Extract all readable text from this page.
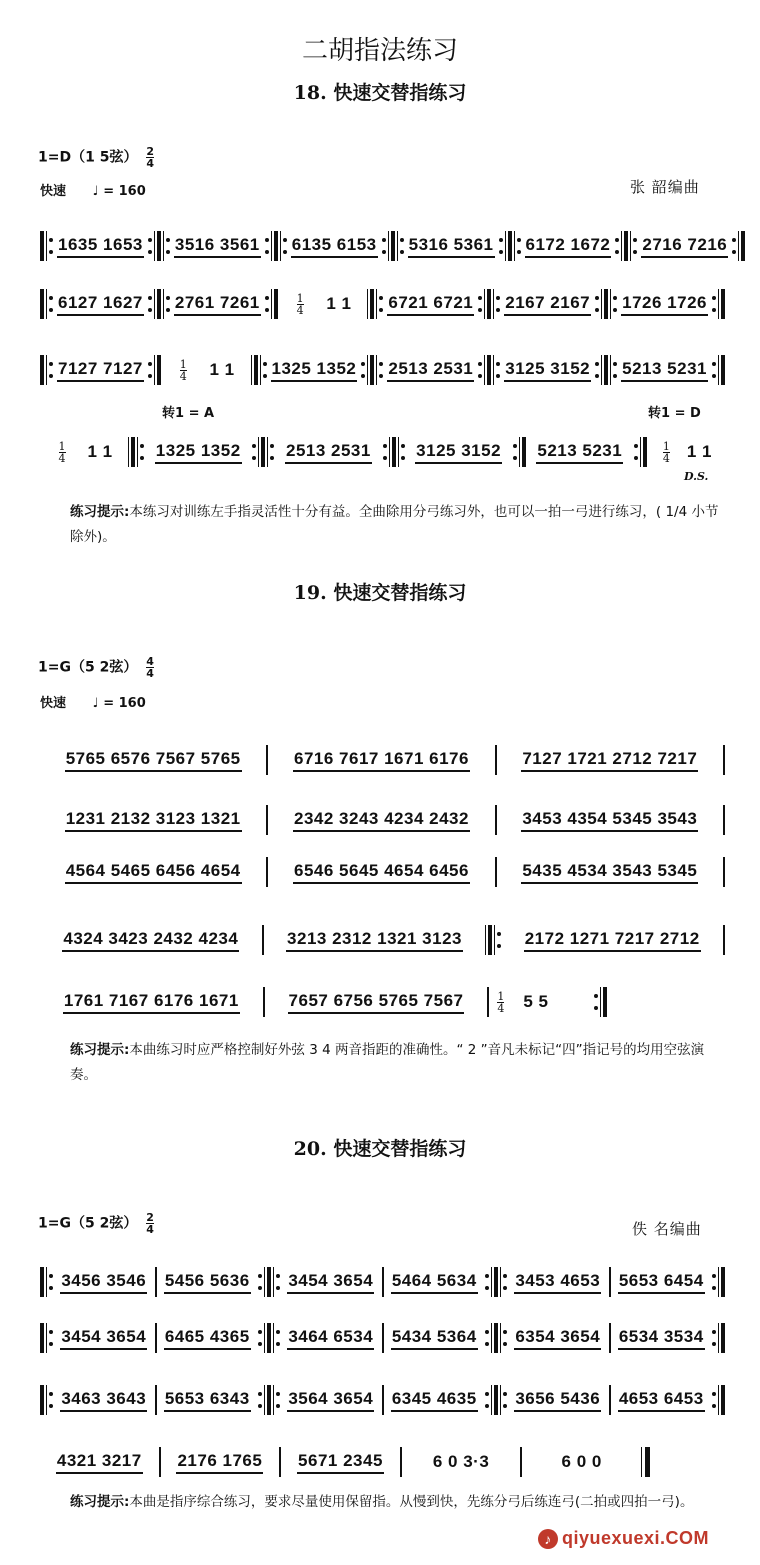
二胡指法练习
18. 快速交替指练习
1=D（1 5弦） $\frac{2}{4}$
快速 ♩ = 160	张 韶编曲
1635 1653 3516 3561 6135 6153 5316 5361 6172 1672 2716 7216
6127 1627 2761 7261	$\frac{1}{4} 1$ 1 6721 6721 2167 2167 1726 1726
7127 7127	$\frac{1}{4} 1$ 1 1325 1352 2513 2531 3125 3152 5213 5231
转1 = A	转1 = D
$\frac{1}{4} 1$ 1	1325 1352	2513 2531	3125 3152 5213 5231	$\frac{1}{4} 1$ 1
D.S.
练习提示:本练习对训练左手指灵活性十分有益。全曲除用分弓练习外，也可以一拍一弓进行练习，( 1/4 小节除外)。
19. 快速交替指练习
1=G（5 2弦） $\frac{4}{4}$
快速 ♩ = 160
5765 6576 7567 5765	6716 7617 1671 6176	7127 1721 2712 7217
1231 2132 3123 1321	2342 3243 4234 2432	3453 4354 5345 3543
4564 5465 6456 4654	6546 5645 4654 6456	5435 4534 3543 5345
4324 3423 2432 4234	3213 2312 1321 3123	2172 1271 7217 2712
1761 7167 6176 1671	7657 6756 5765 7567	$\frac{1}{4} 5$ 5
练习提示:本曲练习时应严格控制好外弦 3 4 两音指距的准确性。“ 2 ”音凡未标记“四”指记号的均用空弦演奏。
20. 快速交替指练习
1=G（5 2弦） $\frac{2}{4}$	佚 名编曲
3456 3546 5456 5636 3454 3654 5464 5634 3453 4653 5653 6454
3454 3654 6465 4365 3464 6534 5434 5364 6354 3654 6534 3534
3463 3643 5653 6343 3564 3654 6345 4635 3656 5436 4653 6453
4321 3217 2176 1765 5671 2345	6 0 3·3	6 0 0
练习提示:本曲是指序综合练习，要求尽量使用保留指。从慢到快，先练分弓后练连弓(二拍或四拍一弓)。
♪ qiyuexuexi.COM
